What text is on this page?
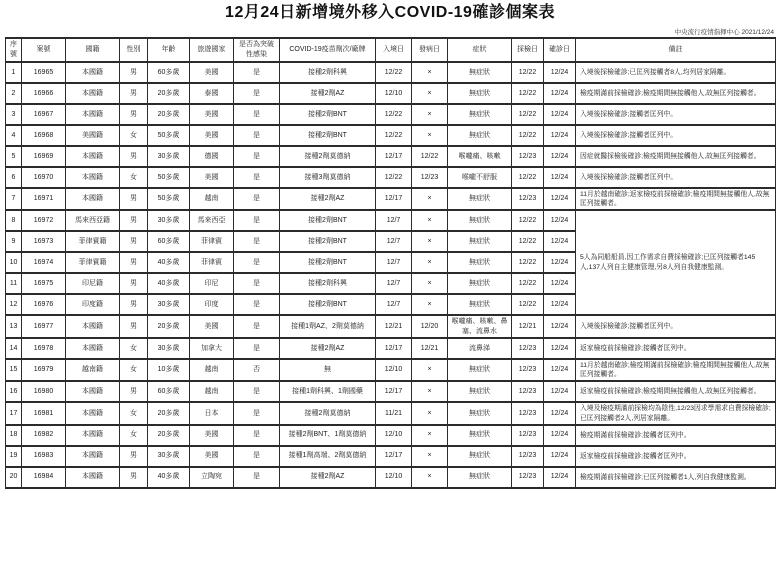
12月24日新增境外移入COVID-19確診個案表
中央流行疫情指揮中心 2021/12/24
序號	案號	國籍	性別	年齡	旅遊國家	是否為突破性感染	COVID-19疫苗劑次/廠牌	入境日	發病日	症狀	採檢日	確診日	備註
1	16965	本國籍	男	60多歲	美國	是	接種2劑科興	12/22	×	無症狀	12/22	12/24	入境後採檢確診;已匡列接觸者8人,均列居家隔離。
2	16966	本國籍	男	20多歲	泰國	是	接種2劑AZ	12/10	×	無症狀	12/22	12/24	檢疫期滿前採檢確診;檢疫期間無接觸他人,故無匡列接觸者。
3	16967	本國籍	男	20多歲	美國	是	接種2劑BNT	12/22	×	無症狀	12/22	12/24	入境後採檢確診;接觸者匡列中。
4	16968	美國籍	女	50多歲	美國	是	接種2劑BNT	12/22	×	無症狀	12/22	12/24	入境後採檢確診;接觸者匡列中。
5	16969	本國籍	男	30多歲	德國	是	接種2劑莫德納	12/17	12/22	喉嚨痛、咳嗽	12/23	12/24	因症就醫採檢後確診;檢疫期間無接觸他人,故無匡列接觸者。
6	16970	本國籍	女	50多歲	美國	是	接種3劑莫德納	12/22	12/23	喉嚨不舒服	12/22	12/24	入境後採檢確診;接觸者匡列中。
7	16971	本國籍	男	50多歲	越南	是	接種2劑AZ	12/17	×	無症狀	12/23	12/24	11月於越南確診;返家檢疫前採檢確診;檢疫期間無接觸他人,故無匡列接觸者。
8	16972	馬來西亞籍	男	30多歲	馬來西亞	是	接種2劑BNT	12/7	×	無症狀	12/22	12/24	5人為同船船員,因工作需求自費採檢確診;已匡列接觸者145人,137人列自主健康管理,另8人列自我健康監測。
9	16973	菲律賓籍	男	60多歲	菲律賓	是	接種2劑BNT	12/7	×	無症狀	12/22	12/24	
10	16974	菲律賓籍	男	40多歲	菲律賓	是	接種2劑BNT	12/7	×	無症狀	12/22	12/24	
11	16975	印尼籍	男	40多歲	印尼	是	接種2劑科興	12/7	×	無症狀	12/22	12/24	
12	16976	印度籍	男	30多歲	印度	是	接種2劑BNT	12/7	×	無症狀	12/22	12/24	
13	16977	本國籍	男	20多歲	美國	是	接種1劑AZ、2劑莫德納	12/21	12/20	喉嚨痛、咳嗽、鼻塞、流鼻水	12/21	12/24	入境後採檢確診;接觸者匡列中。
14	16978	本國籍	女	30多歲	加拿大	是	接種2劑AZ	12/17	12/21	流鼻涕	12/23	12/24	返家檢疫前採檢確診;接觸者匡列中。
15	16979	越南籍	女	10多歲	越南	否	無	12/10	×	無症狀	12/23	12/24	11月於越南確診;檢疫期滿前採檢確診;檢疫期間無接觸他人,故無匡列接觸者。
16	16980	本國籍	男	60多歲	越南	是	接種1劑科興、1劑國藥	12/17	×	無症狀	12/23	12/24	返家檢疫前採檢確診;檢疫期間無接觸他人,故無匡列接觸者。
17	16981	本國籍	女	20多歲	日本	是	接種2劑莫德納	11/21	×	無症狀	12/23	12/24	入境及檢疫期滿前採檢均為陰性,12/23因求學需求自費採檢確診;已匡列接觸者2人,列居家隔離。
18	16982	本國籍	女	20多歲	美國	是	接種2劑BNT、1劑莫德納	12/10	×	無症狀	12/23	12/24	檢疫期滿前採檢確診;接觸者匡列中。
19	16983	本國籍	男	30多歲	美國	是	接種1劑高端、2劑莫德納	12/17	×	無症狀	12/23	12/24	返家檢疫前採檢確診;接觸者匡列中。
20	16984	本國籍	男	40多歲	立陶宛	是	接種2劑AZ	12/10	×	無症狀	12/23	12/24	檢疫期滿前採檢確診;已匡列接觸者1人,列自我健康監測。
